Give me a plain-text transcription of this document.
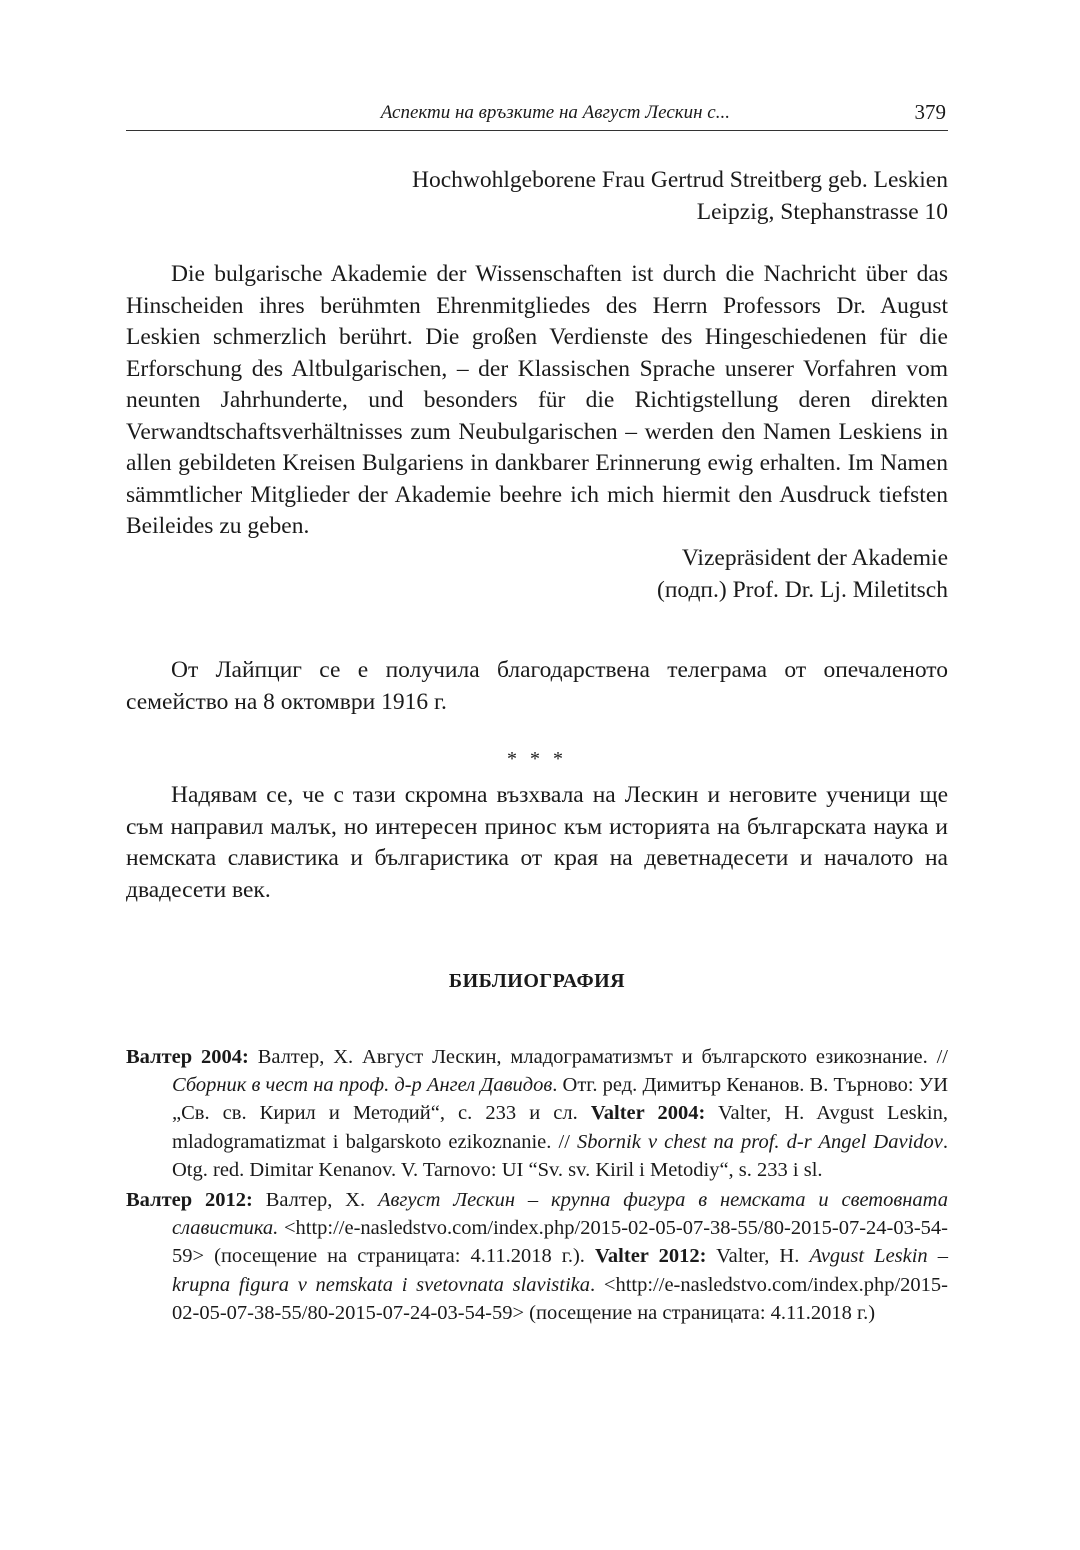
Аспекти на връзките на Август Лескин с...	379
Hochwohlgeborene Frau Gertrud Streitberg geb. Leskien
Leipzig, Stephanstrasse 10
Die bulgarische Akademie der Wissenschaften ist durch die Nachricht über das Hinscheiden ihres berühmten Ehrenmitgliedes des Herrn Professors Dr. August Leskien schmerzlich berührt. Die großen Verdienste des Hingeschiedenen für die Erforschung des Altbulgarischen, – der Klassischen Sprache unserer Vorfahren vom neunten Jahrhunderte, und besonders für die Richtigstellung deren direkten Verwandtschaftsverhältnisses zum Neubulgarischen – werden den Namen Leskiens in allen gebildeten Kreisen Bulgariens in dankbarer Erinnerung ewig erhalten. Im Namen sämmtlicher Mitglieder der Akademie beehre ich mich hiermit den Ausdruck tiefsten Beileides zu geben.
Vizepräsident der Akademie
(подп.) Prof. Dr. Lj. Miletitsch
От Лайпциг се е получила благодарствена телеграма от опечаленото семейство на 8 октомври 1916 г.
* * *
Надявам се, че с тази скромна възхвала на Лескин и неговите ученици ще съм направил малък, но интересен принос към историята на българската наука и немската славистика и българистика от края на деветнадесети и началото на двадесети век.
БИБЛИОГРАФИЯ
Валтер 2004: Валтер, Х. Август Лескин, младограматизмът и българското езикознание. // Сборник в чест на проф. д-р Ангел Давидов. Отг. ред. Димитър Кенанов. В. Търново: УИ „Св. св. Кирил и Методий“, с. 233 и сл. Valter 2004: Valter, H. Avgust Leskin, mladogramatizmat i balgarskoto ezikoznanie. // Sbornik v chest na prof. d-r Angel Davidov. Otg. red. Dimitar Kenanov. V. Tarnovo: UI “Sv. sv. Kiril i Metodiy“, s. 233 i sl.
Валтер 2012: Валтер, Х. Август Лескин – крупна фигура в немската и световната славистика. <http://e-nasledstvo.com/index.php/2015-02-05-07-38-55/80-2015-07-24-03-54-59> (посещение на страницата: 4.11.2018 г.). Valter 2012: Valter, H. Avgust Leskin – krupna figura v nemskata i svetovnata slavistika. <http://e-nasledstvo.com/index.php/2015-02-05-07-38-55/80-2015-07-24-03-54-59> (посещение на страницата: 4.11.2018 г.)
